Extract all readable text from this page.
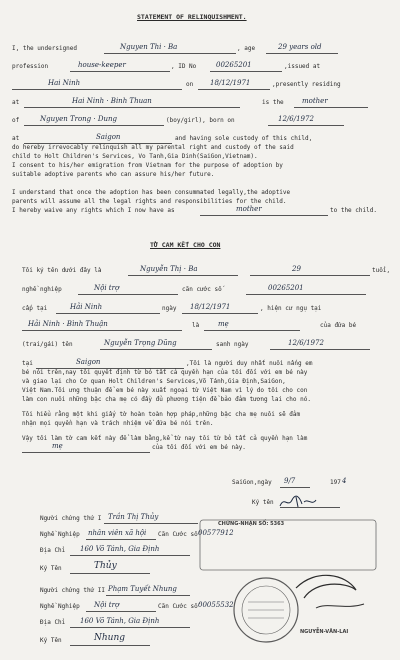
STATEMENT OF RELINQUISHMENT.
I, the undersigned	Nguyen Thi · Ba	, age	29 years old
profession	house-keeper	, ID No	00265201	,issued at
Hai Ninh	on 18/12/1971	,presently residing
at	Hai Ninh · Binh Thuan	is the	mother
of	Nguyen Trong · Dung	(boy/girl), born on	12/6/1972
at	Saigon	and having sole custody of this child,
do hereby irrevocably relinquish all my parental right and custody of the said
child to Holt Children's Services, Vo Tanh,Gia Dinh(SaiGon,Vietnam).
I consent to his/her emigration from Vietnam for the purpose of adoption by
suitable adoptive parents who can assure his/her future.
I understand that once the adoption has been consummated legally,the adoptive
parents will assume all the legal rights and responsibilities for the child.
I hereby waive any rights which I now have as	mother	to the child.
TỜ CAM KẾT CHO CON
Tôi ký tên dưới đây là	Nguyễn Thị · Ba	29	tuổi,
nghề nghiệp	Nội trợ	căn cước số	00265201
cấp tại	Hải Ninh	ngày 18/12/1971	, hiện cư ngụ tại
Hải Ninh · Bình Thuận	là	mẹ	của đứa bé
(trai/gái) tên	Nguyễn Trọng Dũng	sanh ngày	12/6/1972
tại	Saigon	,Tôi là người duy nhất nuôi nấng em
bé nói trên,nay tôi quyết định từ bỏ tất cả quyền hạn của tôi đối với em bé này
và giao lại cho Cơ quan Holt Children's Services,Võ Tánh,Gia Định,SaiGon,
Việt Nam.Tôi ưng thuận để em bé này xuất ngoại từ Việt Nam vì lý do tôi cho con
làm con nuôi những bậc cha mẹ có đầy đủ phương tiện để bảo đảm tương lai cho nó.
Tôi hiểu rằng một khi giấy tờ hoàn toàn hợp pháp,những bậc cha mẹ nuôi sẽ đảm
nhận mọi quyền hạn và trách nhiệm về đứa bé nói trên.
Vậy tôi làm tờ cam kết này để làm bằng,kể từ nay tôi từ bỏ tất cả quyền hạn làm
mẹ	của tôi đối với em bé này.
SaiGon,ngày 9/7	197 4
Ký tên
Người chứng thứ I Trần Thị Thủy
Nghề Nghiệp nhân viên xã hội Căn Cước số 00577912
Địa Chỉ 160 Võ Tánh, Gia Định
Ký Tên	Thủy
Người chứng thứ II Phạm Tuyết Nhung
Nghề Nghiệp Nội trợ	Căn Cước số 00055532
Địa Chỉ 160 Võ Tánh, Gia Định
Ký Tên	Nhung
CHỨNG-NHẬN SỐ: 5363
NGUYỄN-VĂN-LAI
